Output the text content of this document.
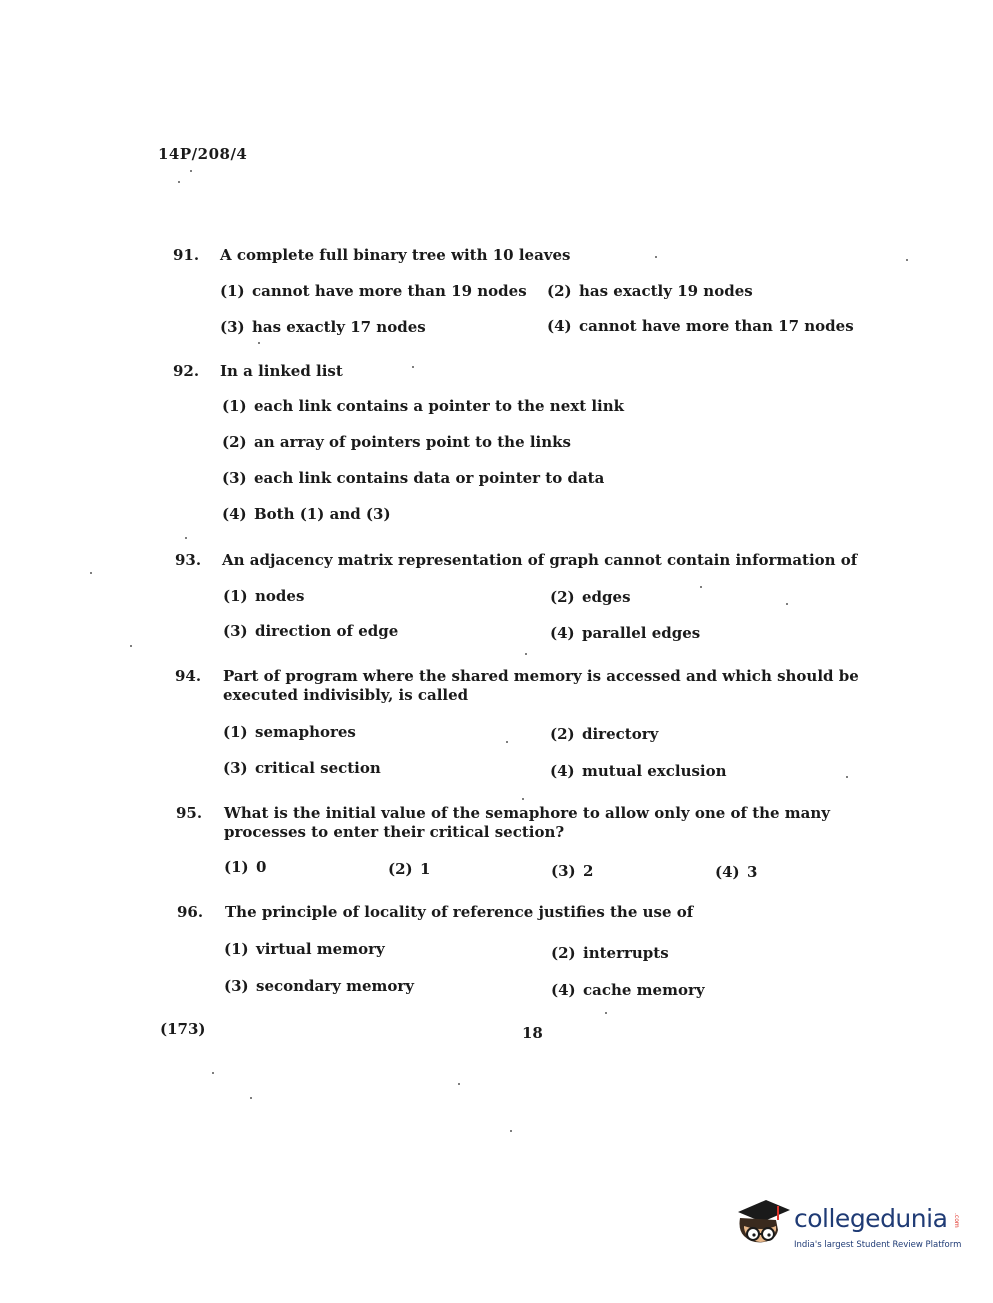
14P/208/4
91. A complete full binary tree with 10 leaves
(1) cannot have more than 19 nodes (2) has exactly 19 nodes
(3) has exactly 17 nodes	(4) cannot have more than 17 nodes
92. In a linked list
(1) each link contains a pointer to the next link
(2) an array of pointers point to the links
(3) each link contains data or pointer to data
(4) Both (1) and (3)
93. An adjacency matrix representation of graph cannot contain information of
(1) nodes	(2) edges
(3) direction of edge	(4) parallel edges
94. Part of program where the shared memory is accessed and which should be executed indivisibly, is called
(1) semaphores	(2) directory
(3) critical section	(4) mutual exclusion
95. What is the initial value of the semaphore to allow only one of the many processes to enter their critical section?
(1) 0	(2) 1	(3) 2	(4) 3
96. The principle of locality of reference justifies the use of
(1) virtual memory	(2) interrupts
(3) secondary memory	(4) cache memory
(173)	18
collegedunia .com
India's largest Student Review Platform
